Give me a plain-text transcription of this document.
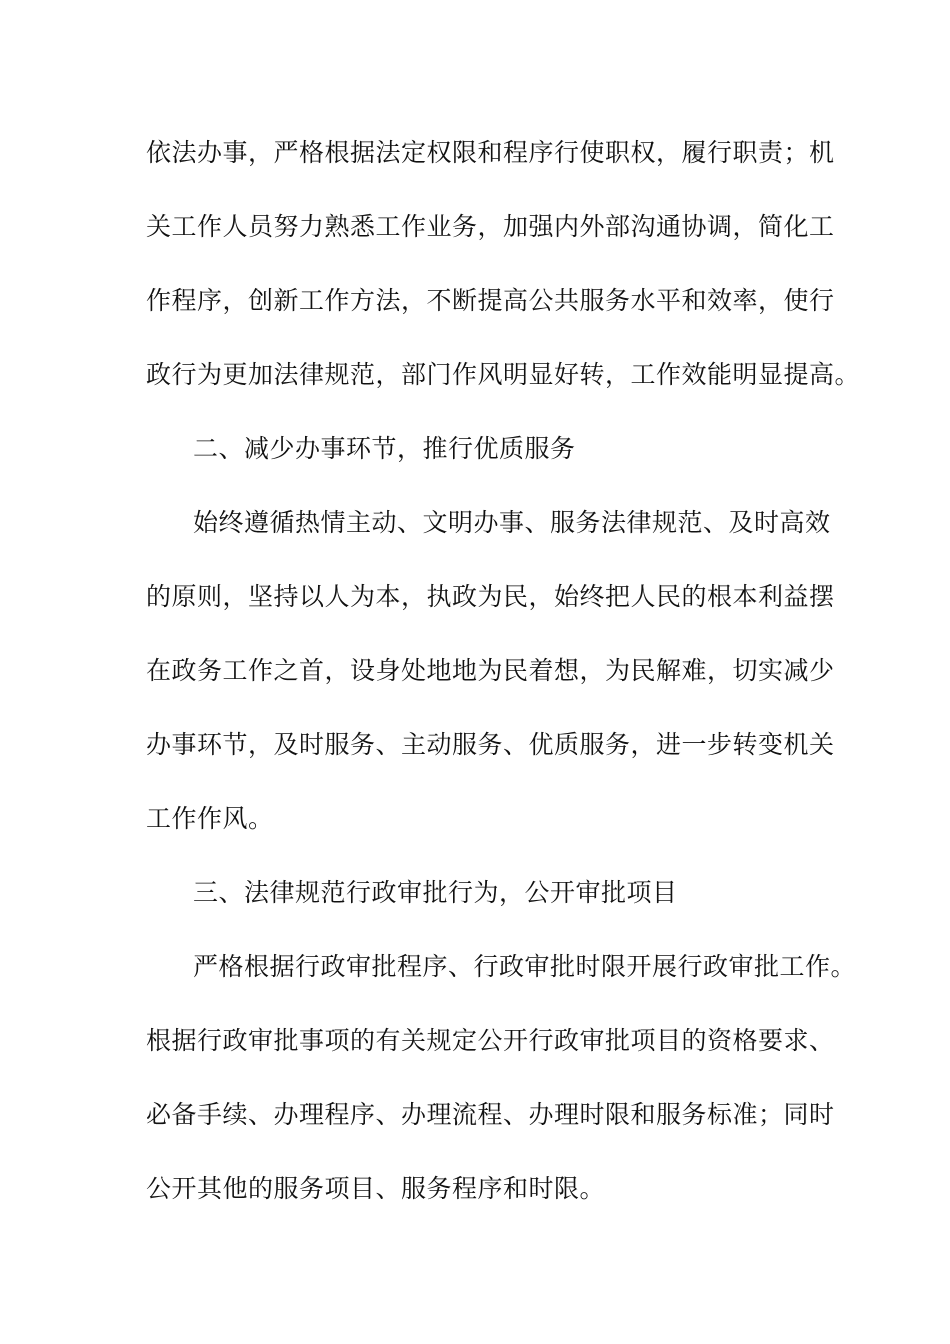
依法办事，严格根据法定权限和程序行使职权，履行职责；机
关工作人员努力熟悉工作业务，加强内外部沟通协调，简化工
作程序，创新工作方法，不断提高公共服务水平和效率，使行
政行为更加法律规范，部门作风明显好转，工作效能明显提高。
二、减少办事环节，推行优质服务
始终遵循热情主动、文明办事、服务法律规范、及时高效
的原则，坚持以人为本，执政为民，始终把人民的根本利益摆
在政务工作之首，设身处地地为民着想，为民解难，切实减少
办事环节，及时服务、主动服务、优质服务，进一步转变机关
工作作风。
三、法律规范行政审批行为，公开审批项目
严格根据行政审批程序、行政审批时限开展行政审批工作。
根据行政审批事项的有关规定公开行政审批项目的资格要求、
必备手续、办理程序、办理流程、办理时限和服务标准；同时
公开其他的服务项目、服务程序和时限。
